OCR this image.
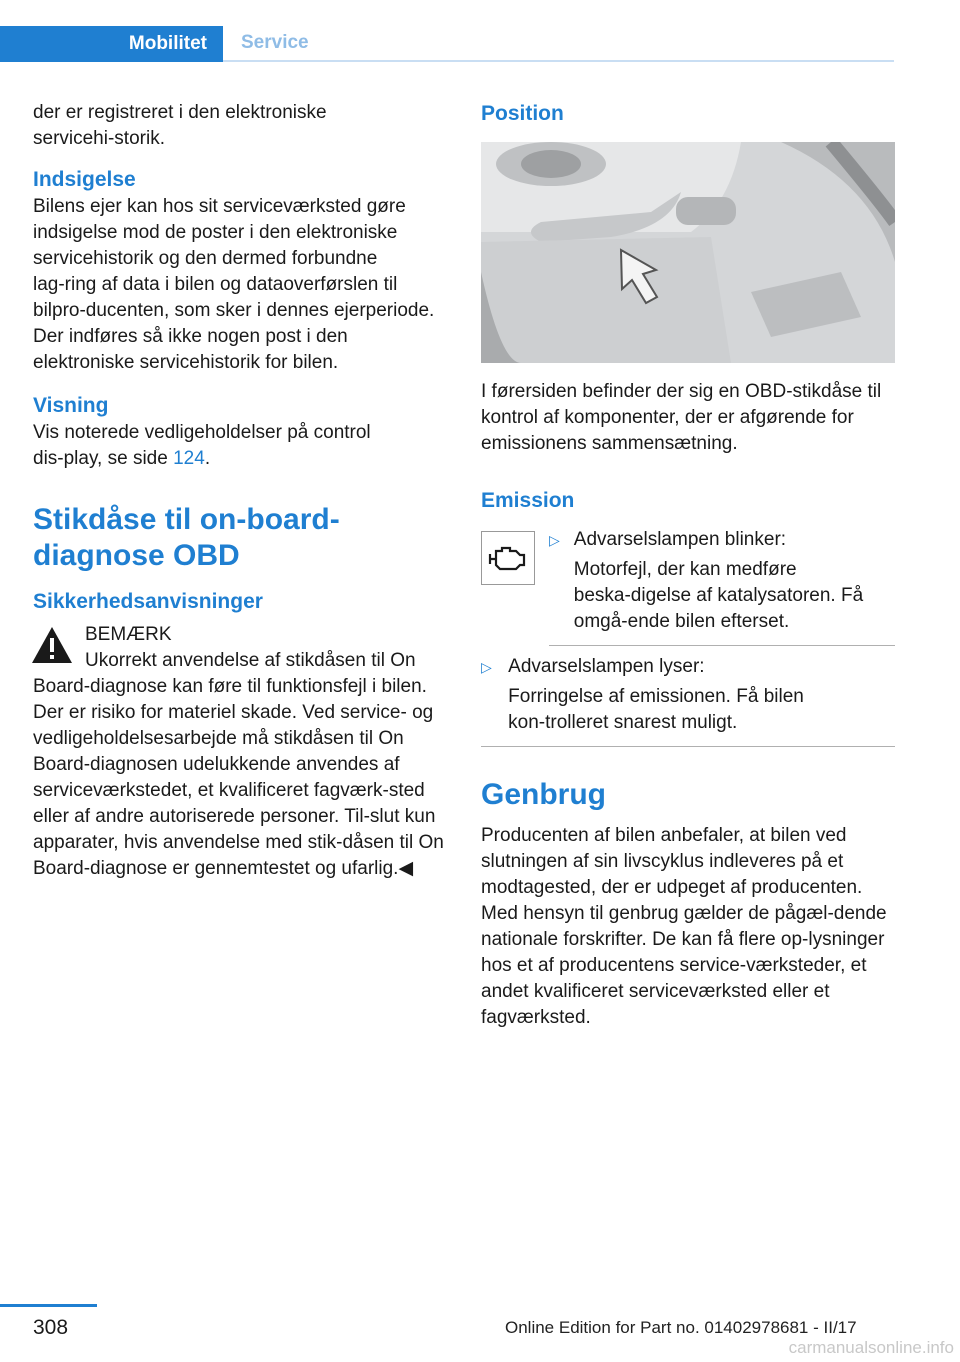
Mobilitet	Service

der er registreret i den elektroniske servicehi‑storik.

Indsigelse

Bilens ejer kan hos sit serviceværksted gøre indsigelse mod de poster i den elektroniske servicehistorik og den dermed forbundne lag‑ring af data i bilen og dataoverførslen til bilpro‑ducenten, som sker i dennes ejerperiode. Der indføres så ikke nogen post i den elektroniske servicehistorik for bilen.

Visning

Vis noterede vedligeholdelser på control dis‑play, se side 124.

Stikdåse til on-board-diagnose OBD
Sikkerhedsanvisninger

BEMÆRK

Ukorrekt anvendelse af stikdåsen til On

Board-diagnose kan føre til funktionsfejl i bilen. Der er risiko for materiel skade. Ved service- og vedligeholdelsesarbejde må stikdåsen til On Board-diagnosen udelukkende anvendes af serviceværkstedet, et kvalificeret fagværk‑sted eller af andre autoriserede personer. Til‑slut kun apparater, hvis anvendelse med stik‑dåsen til On Board-diagnose er gennemtestet og ufarlig.◀

Position

I førersiden befinder der sig en OBD-stikdåse til kontrol af komponenter, der er afgørende for emissionens sammensætning.

Emission
▷ Advarselslampen blinker:

Motorfejl, der kan medføre beska‑digelse af katalysatoren. Få omgå‑ende bilen efterset.

▷ Advarselslampen lyser:

Forringelse af emissionen. Få bilen kon‑trolleret snarest muligt.

Genbrug

Producenten af bilen anbefaler, at bilen ved slutningen af sin livscyklus indleveres på et modtagested, der er udpeget af producenten. Med hensyn til genbrug gælder de pågæl‑dende nationale forskrifter. De kan få flere op‑lysninger hos et af producentens service‑værksteder, et andet kvalificeret serviceværksted eller et fagværksted.

308	Online Edition for Part no. 01402978681 - II/17
carmanualsonline.info
